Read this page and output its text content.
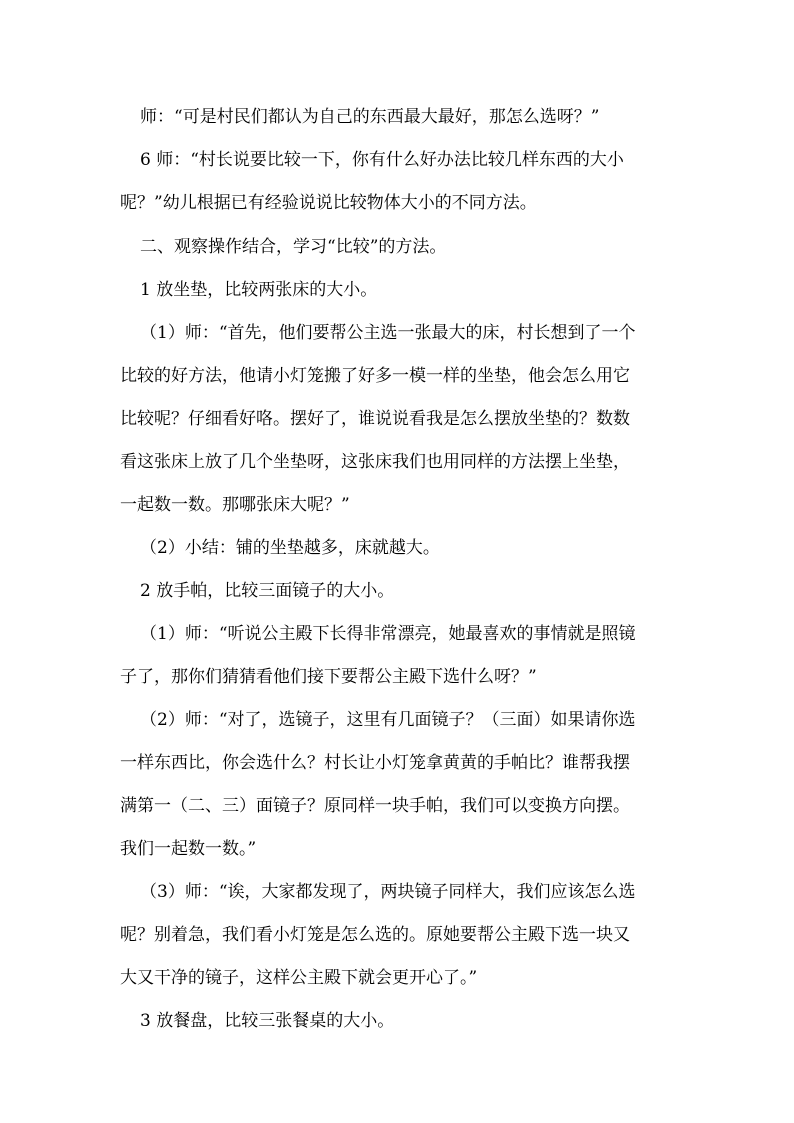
师：“可是村民们都认为自己的东西最大最好，那怎么选呀？”
6 师：“村长说要比较一下，你有什么好办法比较几样东西的大小
呢？”幼儿根据已有经验说说比较物体大小的不同方法。
二、观察操作结合，学习“比较”的方法。
1 放坐垫，比较两张床的大小。
（1）师：“首先，他们要帮公主选一张最大的床，村长想到了一个
比较的好方法，他请小灯笼搬了好多一模一样的坐垫，他会怎么用它
比较呢？仔细看好咯。摆好了，谁说说看我是怎么摆放坐垫的？数数
看这张床上放了几个坐垫呀，这张床我们也用同样的方法摆上坐垫，
一起数一数。那哪张床大呢？”
（2）小结：铺的坐垫越多，床就越大。
2 放手帕，比较三面镜子的大小。
（1）师：“听说公主殿下长得非常漂亮，她最喜欢的事情就是照镜
子了，那你们猜猜看他们接下要帮公主殿下选什么呀？”
（2）师：“对了，选镜子，这里有几面镜子？（三面）如果请你选
一样东西比，你会选什么？村长让小灯笼拿黄黄的手帕比？谁帮我摆
满第一（二、三）面镜子？原同样一块手帕，我们可以变换方向摆。
我们一起数一数。”
（3）师：“诶，大家都发现了，两块镜子同样大，我们应该怎么选
呢？别着急，我们看小灯笼是怎么选的。原她要帮公主殿下选一块又
大又干净的镜子，这样公主殿下就会更开心了。”
3 放餐盘，比较三张餐桌的大小。
